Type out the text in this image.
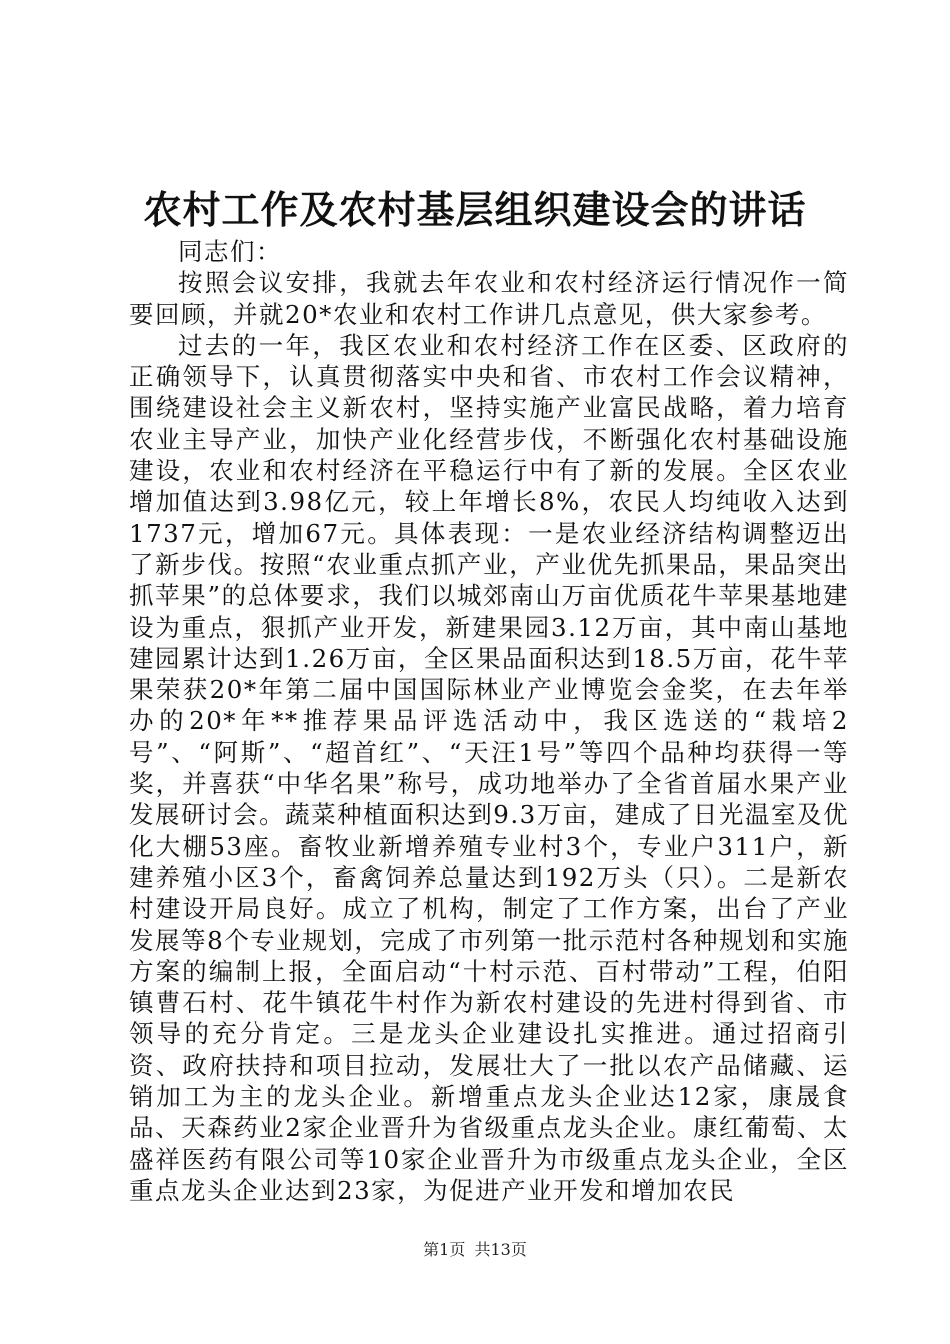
农村工作及农村基层组织建设会的讲话

同志们：

按照会议安排，我就去年农业和农村经济运行情况作一简要回顾，并就20*农业和农村工作讲几点意见，供大家参考。

过去的一年，我区农业和农村经济工作在区委、区政府的正确领导下，认真贯彻落实中央和省、市农村工作会议精神，围绕建设社会主义新农村，坚持实施产业富民战略，着力培育农业主导产业，加快产业化经营步伐，不断强化农村基础设施建设，农业和农村经济在平稳运行中有了新的发展。全区农业增加值达到3.98亿元，较上年增长8%，农民人均纯收入达到1737元，增加67元。具体表现：一是农业经济结构调整迈出了新步伐。按照“农业重点抓产业，产业优先抓果品，果品突出抓苹果”的总体要求，我们以城郊南山万亩优质花牛苹果基地建设为重点，狠抓产业开发，新建果园3.12万亩，其中南山基地建园累计达到1.26万亩，全区果品面积达到18.5万亩，花牛苹果荣获20*年第二届中国国际林业产业博览会金奖，在去年举办的20*年**推荐果品评选活动中，我区选送的“栽培2号”、“阿斯”、“超首红”、“天汪1号”等四个品种均获得一等奖，并喜获“中华名果”称号，成功地举办了全省首届水果产业发展研讨会。蔬菜种植面积达到9.3万亩，建成了日光温室及优化大棚53座。畜牧业新增养殖专业村3个，专业户311户，新建养殖小区3个，畜禽饲养总量达到192万头（只）。二是新农村建设开局良好。成立了机构，制定了工作方案，出台了产业发展等8个专业规划，完成了市列第一批示范村各种规划和实施方案的编制上报，全面启动“十村示范、百村带动”工程，伯阳镇曹石村、花牛镇花牛村作为新农村建设的先进村得到省、市领导的充分肯定。三是龙头企业建设扎实推进。通过招商引资、政府扶持和项目拉动，发展壮大了一批以农产品储藏、运销加工为主的龙头企业。新增重点龙头企业达12家，康晟食品、天森药业2家企业晋升为省级重点龙头企业。康红葡萄、太盛祥医药有限公司等10家企业晋升为市级重点龙头企业，全区重点龙头企业达到23家，为促进产业开发和增加农民

第1页 共13页
